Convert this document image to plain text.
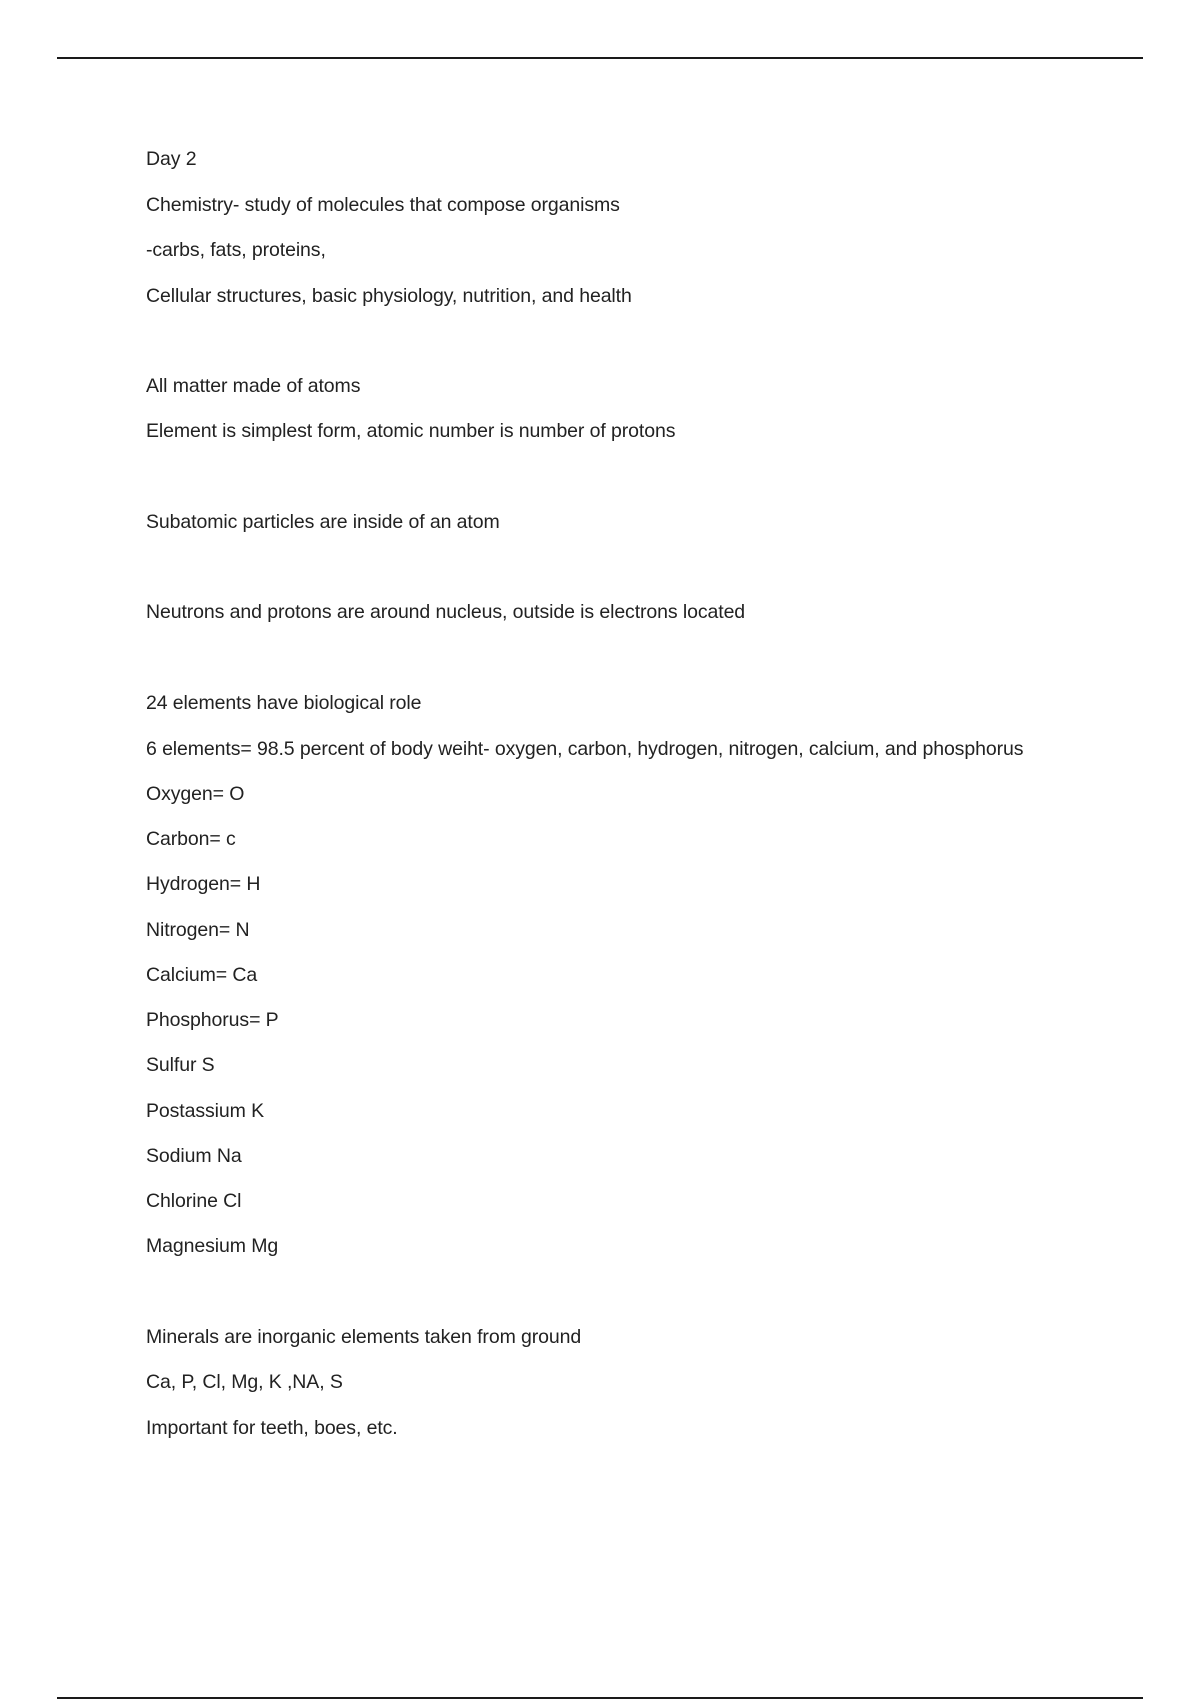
Day 2
Chemistry- study of molecules that compose organisms
-carbs, fats, proteins,
Cellular structures, basic physiology, nutrition, and health
All matter made of atoms
Element is simplest form, atomic number is number of protons
Subatomic particles are inside of an atom
Neutrons and protons are around nucleus, outside is electrons located
24 elements have biological role
6 elements= 98.5 percent of body weiht- oxygen, carbon, hydrogen, nitrogen, calcium, and phosphorus
Oxygen= O
Carbon= c
Hydrogen= H
Nitrogen= N
Calcium= Ca
Phosphorus= P
Sulfur S
Postassium K
Sodium Na
Chlorine Cl
Magnesium Mg
Minerals are inorganic elements taken from ground
Ca, P, Cl, Mg, K ,NA, S
Important for teeth, boes, etc.
